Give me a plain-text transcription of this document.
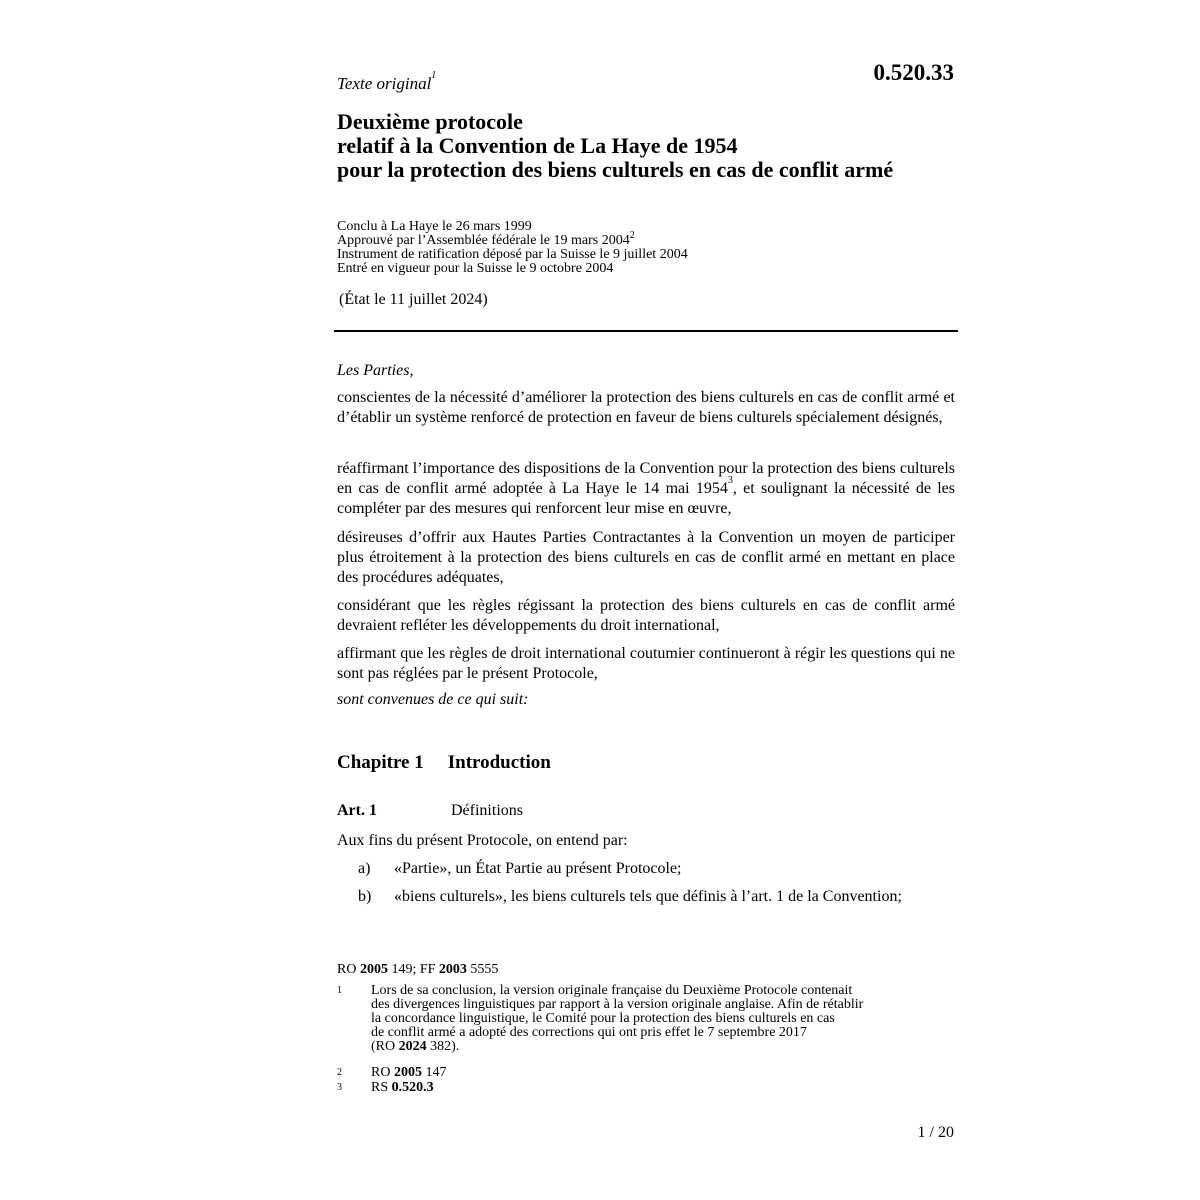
Texte original$^1$	0.520.33
Deuxième protocole
relatif à la Convention de La Haye de 1954
pour la protection des biens culturels en cas de conflit armé
Conclu à La Haye le 26 mars 1999
Approuvé par l’Assemblée fédérale le 19 mars 2004$^2$
Instrument de ratification déposé par la Suisse le 9 juillet 2004
Entré en vigueur pour la Suisse le 9 octobre 2004
(État le 11 juillet 2024)
Les Parties,
conscientes de la nécessité d’améliorer la protection des biens culturels en cas de conflit armé et d’établir un système renforcé de protection en faveur de biens culturels spécialement désignés,
réaffirmant l’importance des dispositions de la Convention pour la protection des biens culturels en cas de conflit armé adoptée à La Haye le 14 mai 1954$^3$, et soulignant la nécessité de les compléter par des mesures qui renforcent leur mise en œuvre,
désireuses d’offrir aux Hautes Parties Contractantes à la Convention un moyen de participer plus étroitement à la protection des biens culturels en cas de conflit armé en mettant en place des procédures adéquates,
considérant que les règles régissant la protection des biens culturels en cas de conflit armé devraient refléter les développements du droit international,
affirmant que les règles de droit international coutumier continueront à régir les questions qui ne sont pas réglées par le présent Protocole,
sont convenues de ce qui suit:
Chapitre 1 Introduction
Art. 1	Définitions
Aux fins du présent Protocole, on entend par:
a) «Partie», un État Partie au présent Protocole;
b) «biens culturels», les biens culturels tels que définis à l’art. 1 de la Convention;
RO 2005 149; FF 2003 5555
1 Lors de sa conclusion, la version originale française du Deuxième Protocole contenait
des divergences linguistiques par rapport à la version originale anglaise. Afin de rétablir
la concordance linguistique, le Comité pour la protection des biens culturels en cas
de conflit armé a adopté des corrections qui ont pris effet le 7 septembre 2017
(RO 2024 382).
2 RO 2005 147
3 RS 0.520.3
1 / 20
